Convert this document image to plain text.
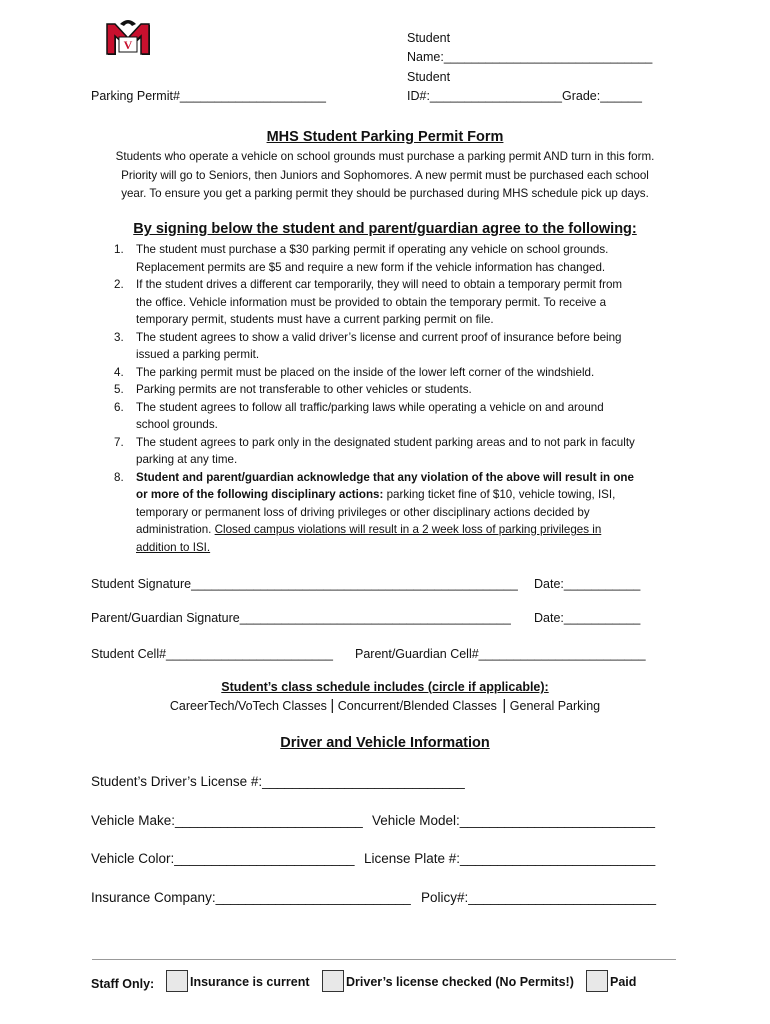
V	Student
Name:______________________________
Student
ID#:___________________Grade:______
Parking Permit#_____________________
MHS Student Parking Permit Form
Students who operate a vehicle on school grounds must purchase a parking permit AND turn in this form.
Priority will go to Seniors, then Juniors and Sophomores. A new permit must be purchased each school
year. To ensure you get a parking permit they should be purchased during MHS schedule pick up days.
By signing below the student and parent/guardian agree to the following:
1. The student must purchase a $30 parking permit if operating any vehicle on school grounds.
Replacement permits are $5 and require a new form if the vehicle information has changed.
2. If the student drives a different car temporarily, they will need to obtain a temporary permit from
the office. Vehicle information must be provided to obtain the temporary permit. To receive a
temporary permit, students must have a current parking permit on file.
3. The student agrees to show a valid driver’s license and current proof of insurance before being
issued a parking permit.
4. The parking permit must be placed on the inside of the lower left corner of the windshield.
5. Parking permits are not transferable to other vehicles or students.
6. The student agrees to follow all traffic/parking laws while operating a vehicle on and around
school grounds.
7. The student agrees to park only in the designated student parking areas and to not park in faculty
parking at any time.
8. Student and parent/guardian acknowledge that any violation of the above will result in one
or more of the following disciplinary actions: parking ticket fine of $10, vehicle towing, ISI,
temporary or permanent loss of driving privileges or other disciplinary actions decided by
administration. Closed campus violations will result in a 2 week loss of parking privileges in
addition to ISI.
Student Signature_______________________________________________ Date:___________
Parent/Guardian Signature_______________________________________ Date:___________
Student Cell#________________________ Parent/Guardian Cell#________________________
Student’s class schedule includes (circle if applicable):
CareerTech/VoTech Classes | Concurrent/Blended Classes | General Parking
Driver and Vehicle Information
Student’s Driver’s License #:___________________________
Vehicle Make:_________________________ Vehicle Model:__________________________
Vehicle Color:________________________ License Plate #:__________________________
Insurance Company:__________________________ Policy#:_________________________
Staff Only:	Insurance is current	Driver’s license checked (No Permits!)	Paid
